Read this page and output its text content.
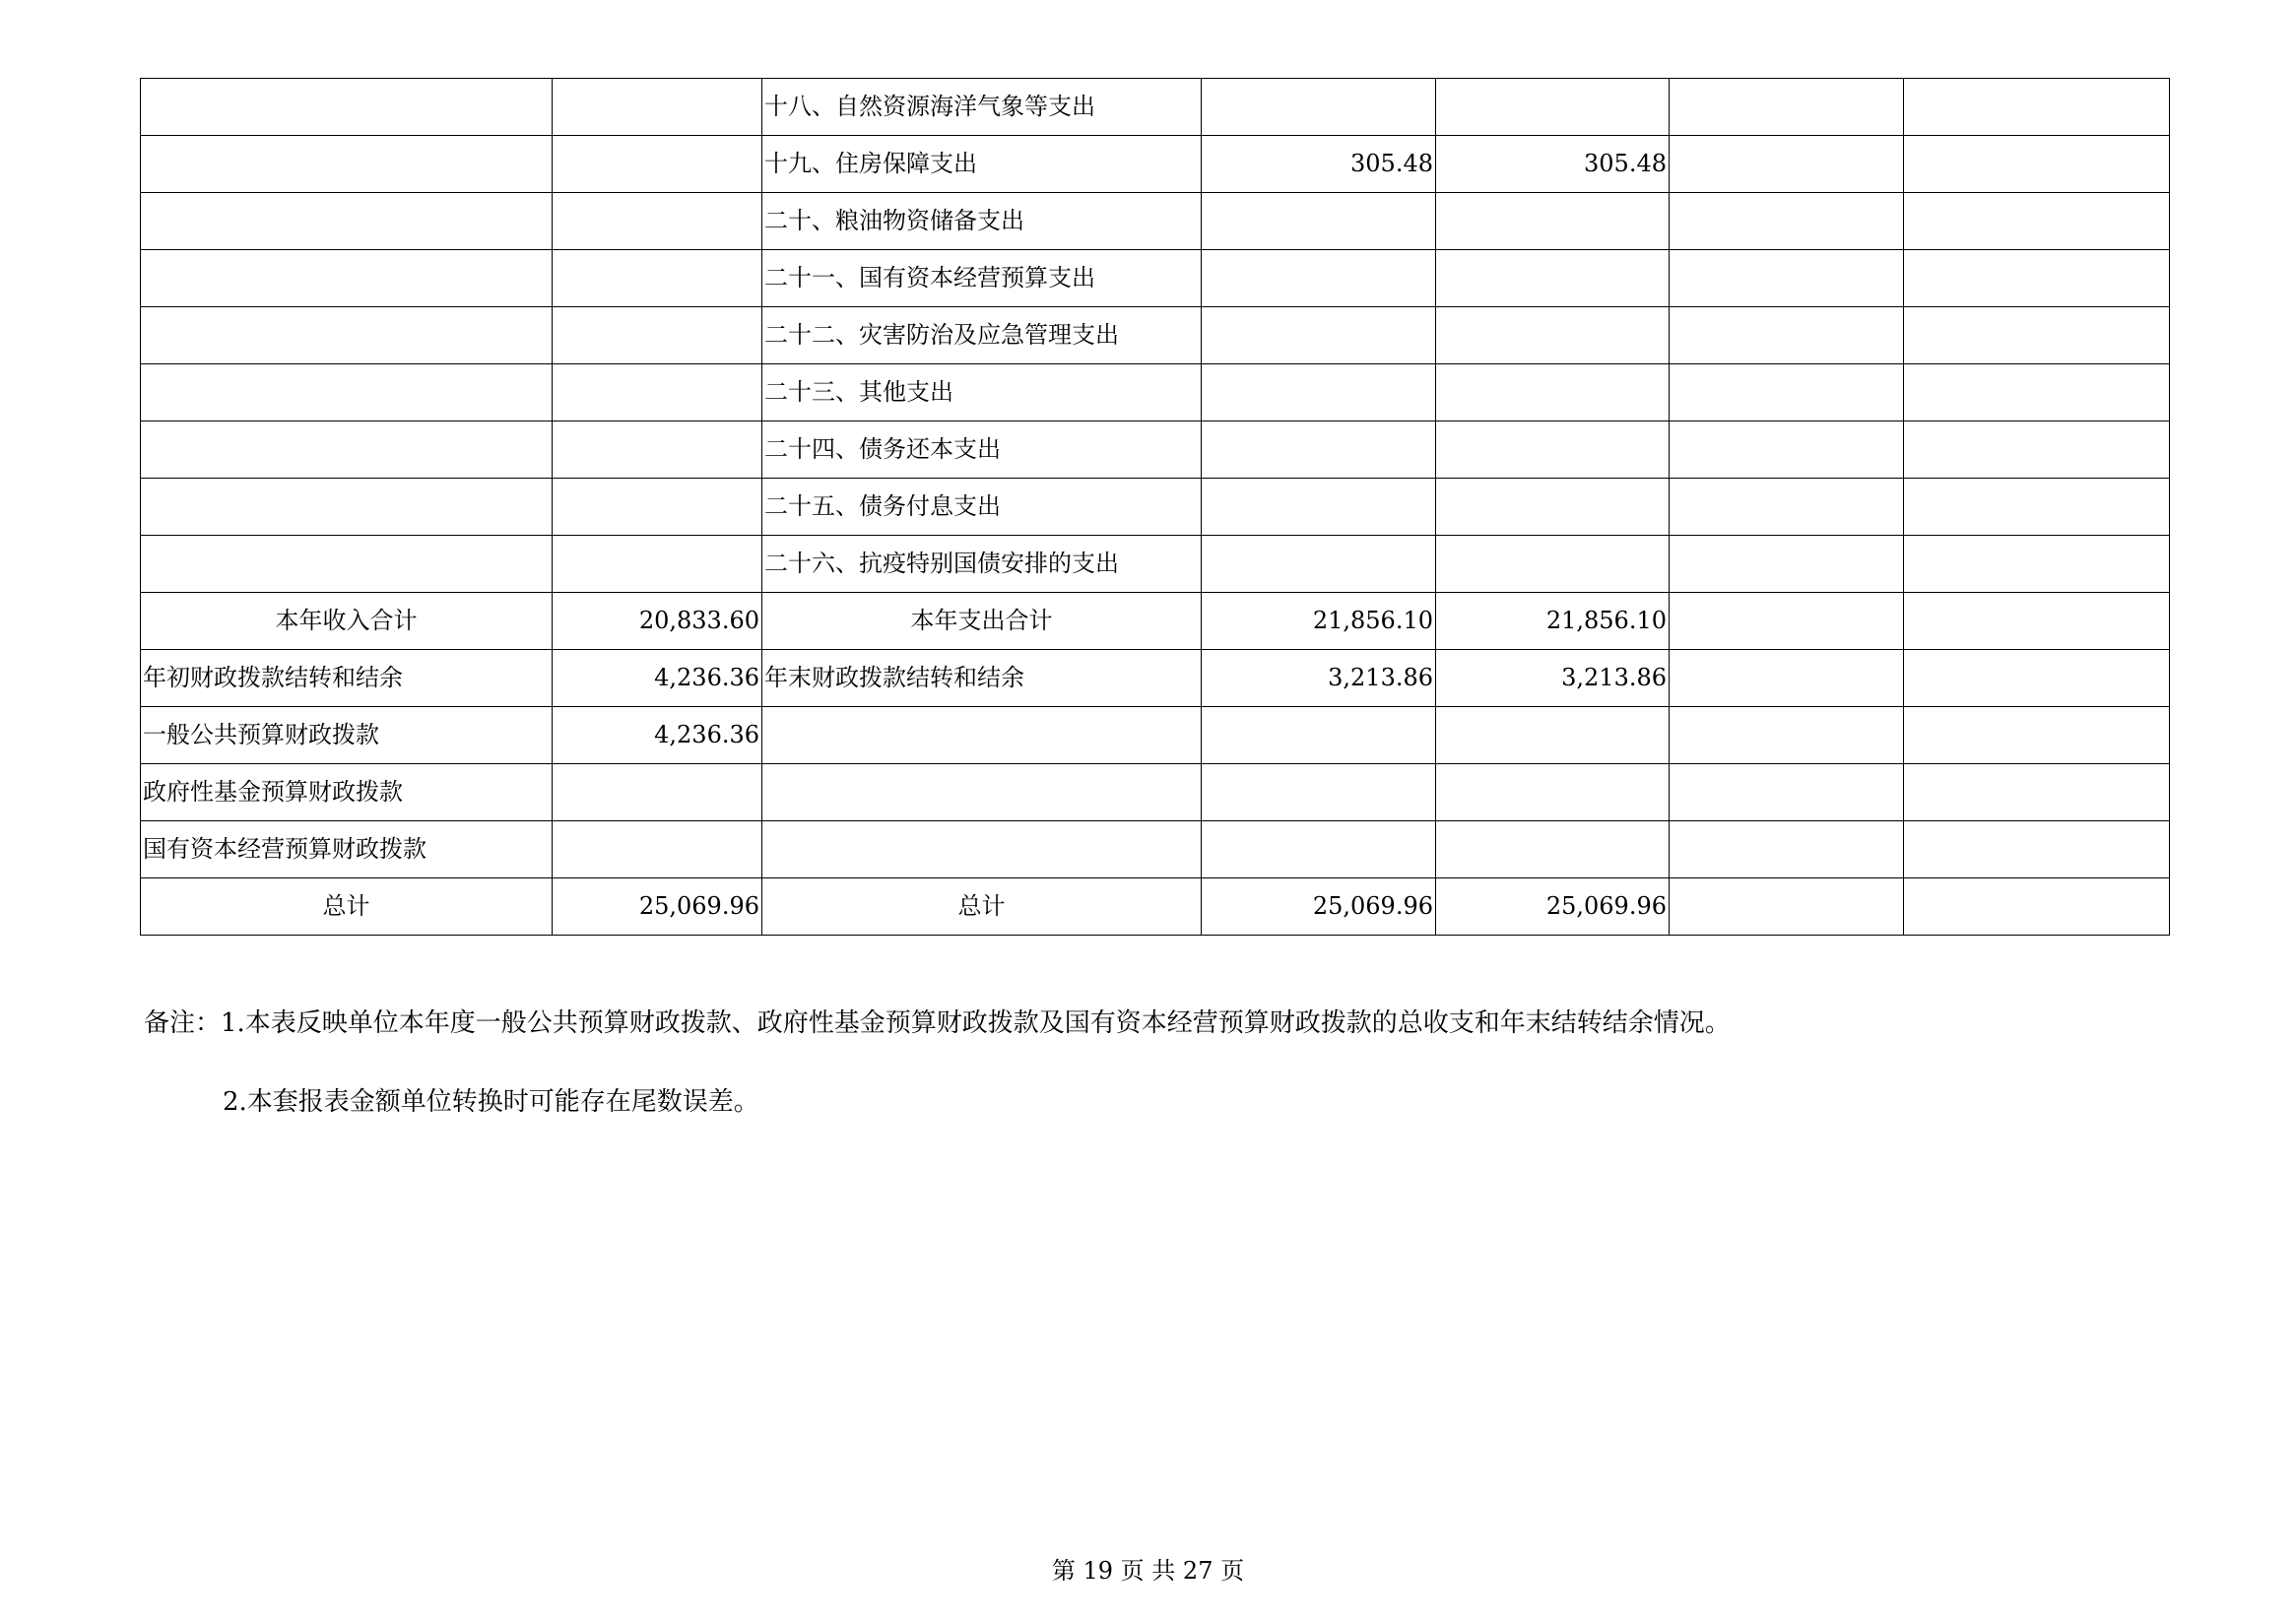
		十八、自然资源海洋气象等支出				
		十九、住房保障支出	305.48	305.48		
		二十、粮油物资储备支出				
		二十一、国有资本经营预算支出				
		二十二、灾害防治及应急管理支出				
		二十三、其他支出				
		二十四、债务还本支出				
		二十五、债务付息支出				
		二十六、抗疫特别国债安排的支出				
本年收入合计	20,833.60	本年支出合计	21,856.10	21,856.10		
年初财政拨款结转和结余	4,236.36	年末财政拨款结转和结余	3,213.86	3,213.86		
一般公共预算财政拨款	4,236.36					
政府性基金预算财政拨款						
国有资本经营预算财政拨款						
总计	25,069.96	总计	25,069.96	25,069.96		
备注：1.本表反映单位本年度一般公共预算财政拨款、政府性基金预算财政拨款及国有资本经营预算财政拨款的总收支和年末结转结余情况。
2.本套报表金额单位转换时可能存在尾数误差。
第 19 页 共 27 页
